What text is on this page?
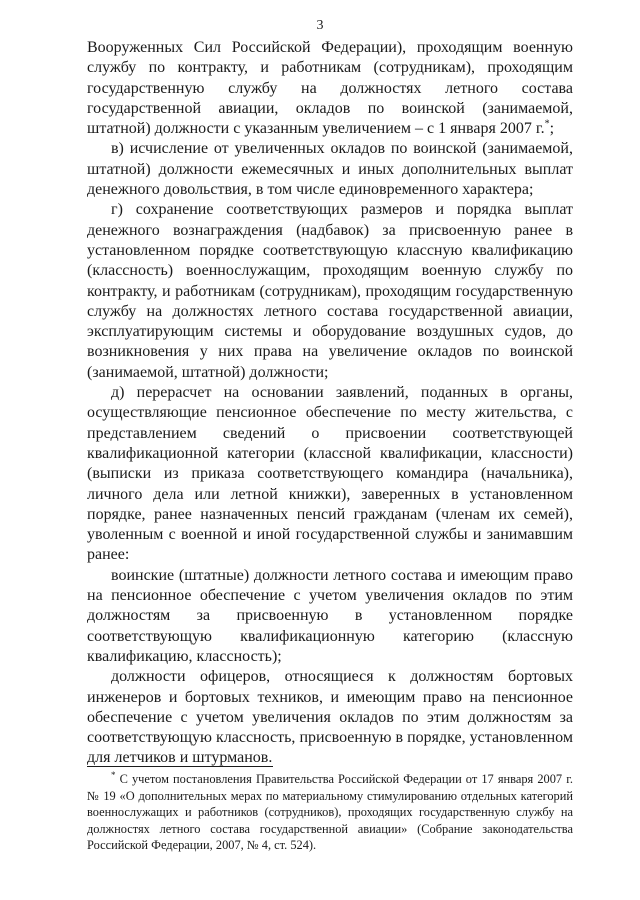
3

Вооруженных Сил Российской Федерации), проходящим военную службу по контракту, и работникам (сотрудникам), проходящим государственную службу на должностях летного состава государственной авиации, окладов по воинской (занимаемой, штатной) должности с указанным увеличением – с 1 января 2007 г.*;

в) исчисление от увеличенных окладов по воинской (занимаемой, штатной) должности ежемесячных и иных дополнительных выплат денежного довольствия, в том числе единовременного характера;

г) сохранение соответствующих размеров и порядка выплат денежного вознаграждения (надбавок) за присвоенную ранее в установленном порядке соответствующую классную квалификацию (классность) военнослужащим, проходящим военную службу по контракту, и работникам (сотрудникам), проходящим государственную службу на должностях летного состава государственной авиации, эксплуатирующим системы и оборудование воздушных судов, до возникновения у них права на увеличение окладов по воинской (занимаемой, штатной) должности;

д) перерасчет на основании заявлений, поданных в органы, осуществляющие пенсионное обеспечение по месту жительства, с представлением сведений о присвоении соответствующей квалификационной категории (классной квалификации, классности) (выписки из приказа соответствующего командира (начальника), личного дела или летной книжки), заверенных в установленном порядке, ранее назначенных пенсий гражданам (членам их семей), уволенным с военной и иной государственной службы и занимавшим ранее:

воинские (штатные) должности летного состава и имеющим право на пенсионное обеспечение с учетом увеличения окладов по этим должностям за присвоенную в установленном порядке соответствующую квалификационную категорию (классную квалификацию, классность);

должности офицеров, относящиеся к должностям бортовых инженеров и бортовых техников, и имеющим право на пенсионное обеспечение с учетом увеличения окладов по этим должностям за соответствующую классность, присвоенную в порядке, установленном для летчиков и штурманов.

* С учетом постановления Правительства Российской Федерации от 17 января 2007 г. № 19 «О дополнительных мерах по материальному стимулированию отдельных категорий военнослужащих и работников (сотрудников), проходящих государственную службу на должностях летного состава государственной авиации» (Собрание законодательства Российской Федерации, 2007, № 4, ст. 524).
